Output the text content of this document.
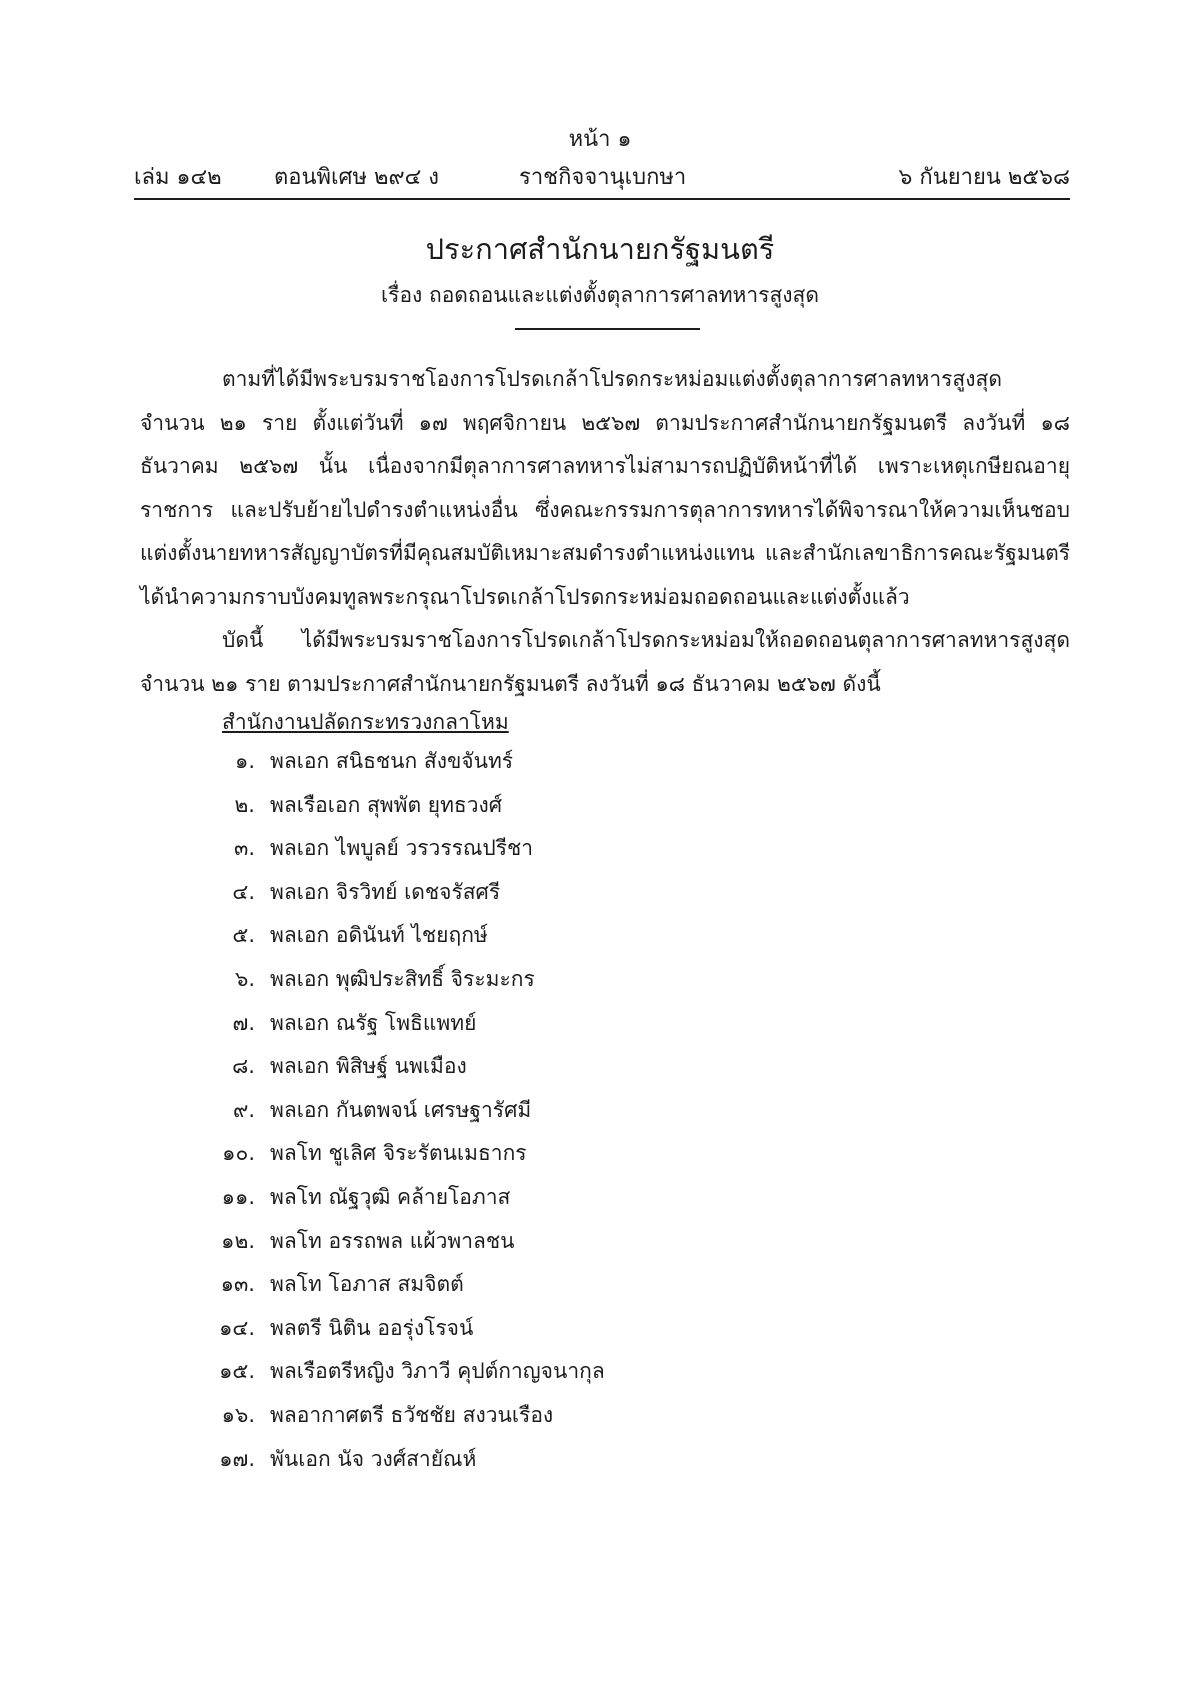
หน้า ๑
เล่ม ๑๔๒ ตอนพิเศษ ๒๙๔ ง	ราชกิจจานุเบกษา	๖ กันยายน ๒๕๖๘
ประกาศสำนักนายกรัฐมนตรี
เรื่อง ถอดถอนและแต่งตั้งตุลาการศาลทหารสูงสุด

ตามที่ได้มีพระบรมราชโองการโปรดเกล้าโปรดกระหม่อมแต่งตั้งตุลาการศาลทหารสูงสุด จำนวน ๒๑ ราย ตั้งแต่วันที่ ๑๗ พฤศจิกายน ๒๕๖๗ ตามประกาศสำนักนายกรัฐมนตรี ลงวันที่ ๑๘ ธันวาคม ๒๕๖๗ นั้น เนื่องจากมีตุลาการศาลทหารไม่สามารถปฏิบัติหน้าที่ได้ เพราะเหตุเกษียณอายุราชการ และปรับย้ายไปดำรงตำแหน่งอื่น ซึ่งคณะกรรมการตุลาการทหารได้พิจารณาให้ความเห็นชอบแต่งตั้งนายทหารสัญญาบัตรที่มีคุณสมบัติเหมาะสมดำรงตำแหน่งแทน และสำนักเลขาธิการคณะรัฐมนตรีได้นำความกราบบังคมทูลพระกรุณาโปรดเกล้าโปรดกระหม่อมถอดถอนและแต่งตั้งแล้ว

บัดนี้ ได้มีพระบรมราชโองการโปรดเกล้าโปรดกระหม่อมให้ถอดถอนตุลาการศาลทหารสูงสุด จำนวน ๒๑ ราย ตามประกาศสำนักนายกรัฐมนตรี ลงวันที่ ๑๘ ธันวาคม ๒๕๖๗ ดังนี้

สำนักงานปลัดกระทรวงกลาโหม
๑. พลเอก สนิธชนก สังขจันทร์
๒. พลเรือเอก สุพพัต ยุทธวงศ์
๓. พลเอก ไพบูลย์ วรวรรณปรีชา
๔. พลเอก จิรวิทย์ เดชจรัสศรี
๕. พลเอก อดินันท์ ไชยฤกษ์
๖. พลเอก พุฒิประสิทธิ์ จิระมะกร
๗. พลเอก ณรัฐ โพธิแพทย์
๘. พลเอก พิสิษฐ์ นพเมือง
๙. พลเอก กันตพจน์ เศรษฐารัศมี
๑๐. พลโท ชูเลิศ จิระรัตนเมธากร
๑๑. พลโท ณัฐวุฒิ คล้ายโอภาส
๑๒. พลโท อรรถพล แผ้วพาลชน
๑๓. พลโท โอภาส สมจิตต์
๑๔. พลตรี นิติน ออรุ่งโรจน์
๑๕. พลเรือตรีหญิง วิภาวี คุปต์กาญจนากุล
๑๖. พลอากาศตรี ธวัชชัย สงวนเรือง
๑๗. พันเอก นัจ วงศ์สายัณห์
